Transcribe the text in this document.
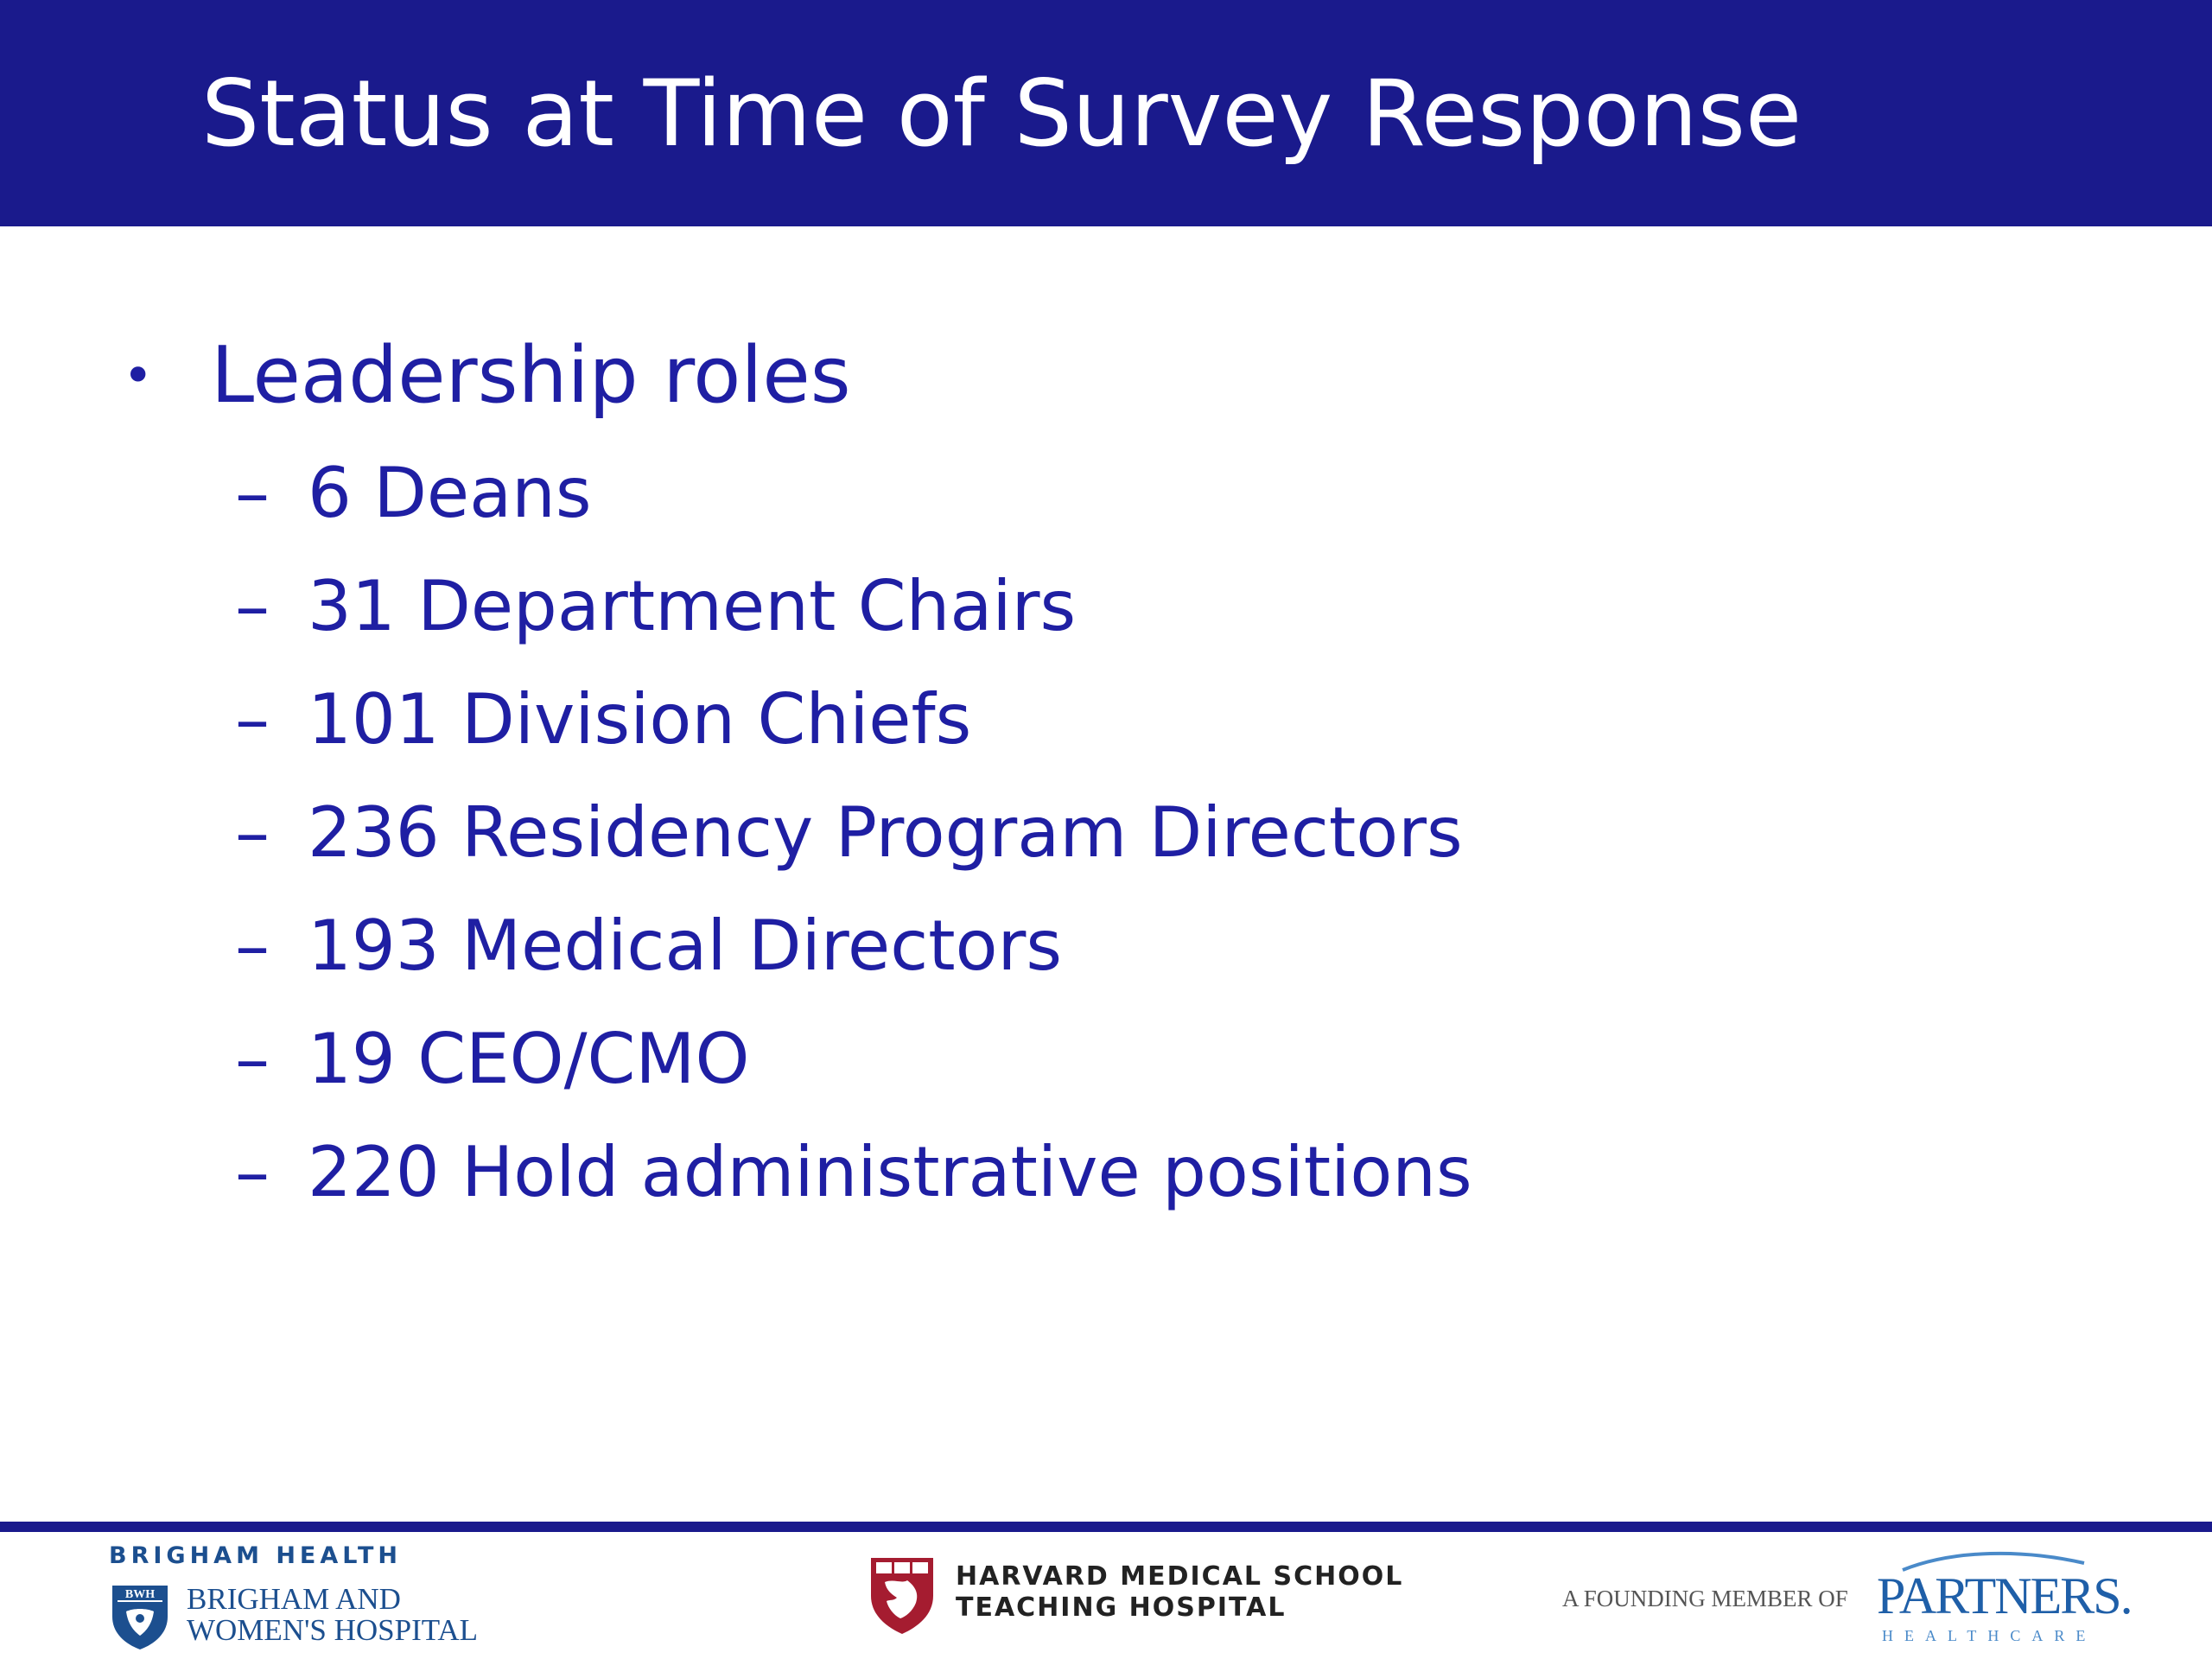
Status at Time of Survey Response
• Leadership roles
– 6 Deans
– 31 Department Chairs
– 101 Division Chiefs
– 236 Residency Program Directors
– 193 Medical Directors
– 19 CEO/CMO
– 220 Hold administrative positions
BRIGHAM HEALTH
BWH BRIGHAM AND
WOMEN'S HOSPITAL
HARVARD MEDICAL SCHOOL
TEACHING HOSPITAL	A FOUNDING MEMBER OF PARTNERS.
HEALTHCARE
